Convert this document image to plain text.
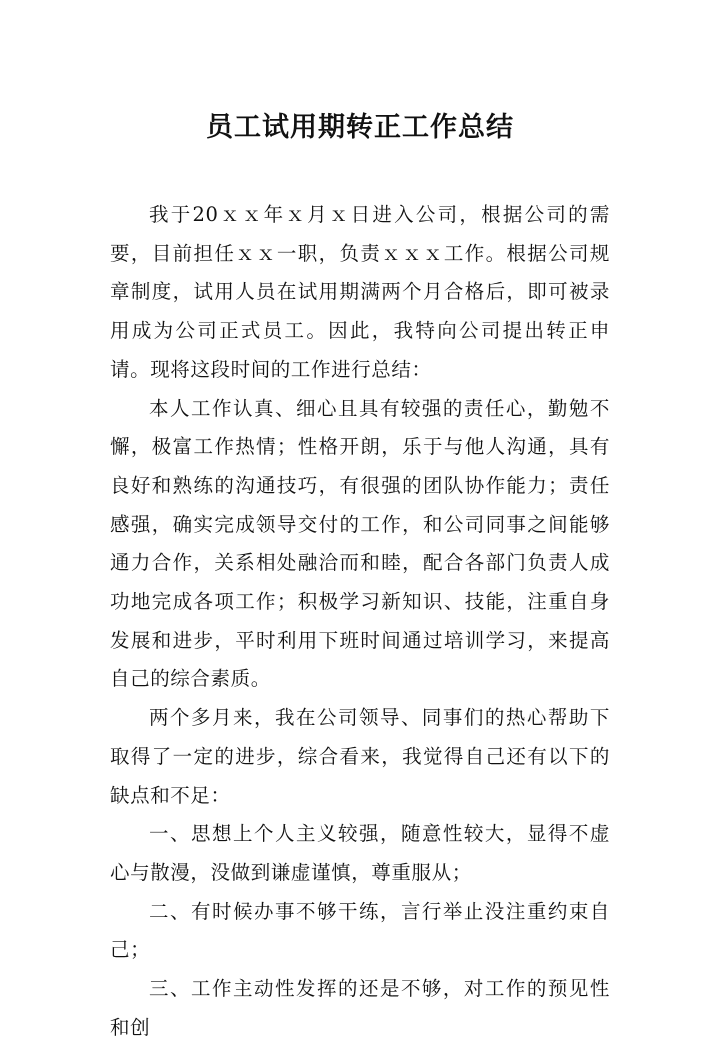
员工试用期转正工作总结

我于20ｘｘ年ｘ月ｘ日进入公司，根据公司的需要，目前担任ｘｘ一职，负责ｘｘｘ工作。根据公司规章制度，试用人员在试用期满两个月合格后，即可被录用成为公司正式员工。因此，我特向公司提出转正申请。现将这段时间的工作进行总结：

本人工作认真、细心且具有较强的责任心，勤勉不懈，极富工作热情；性格开朗，乐于与他人沟通，具有良好和熟练的沟通技巧，有很强的团队协作能力；责任感强，确实完成领导交付的工作，和公司同事之间能够通力合作，关系相处融洽而和睦，配合各部门负责人成功地完成各项工作；积极学习新知识、技能，注重自身发展和进步，平时利用下班时间通过培训学习，来提高自己的综合素质。

两个多月来，我在公司领导、同事们的热心帮助下取得了一定的进步，综合看来，我觉得自己还有以下的缺点和不足：

一、思想上个人主义较强，随意性较大，显得不虚心与散漫，没做到谦虚谨慎，尊重服从；

二、有时候办事不够干练，言行举止没注重约束自己；

三、工作主动性发挥的还是不够，对工作的预见性和创
